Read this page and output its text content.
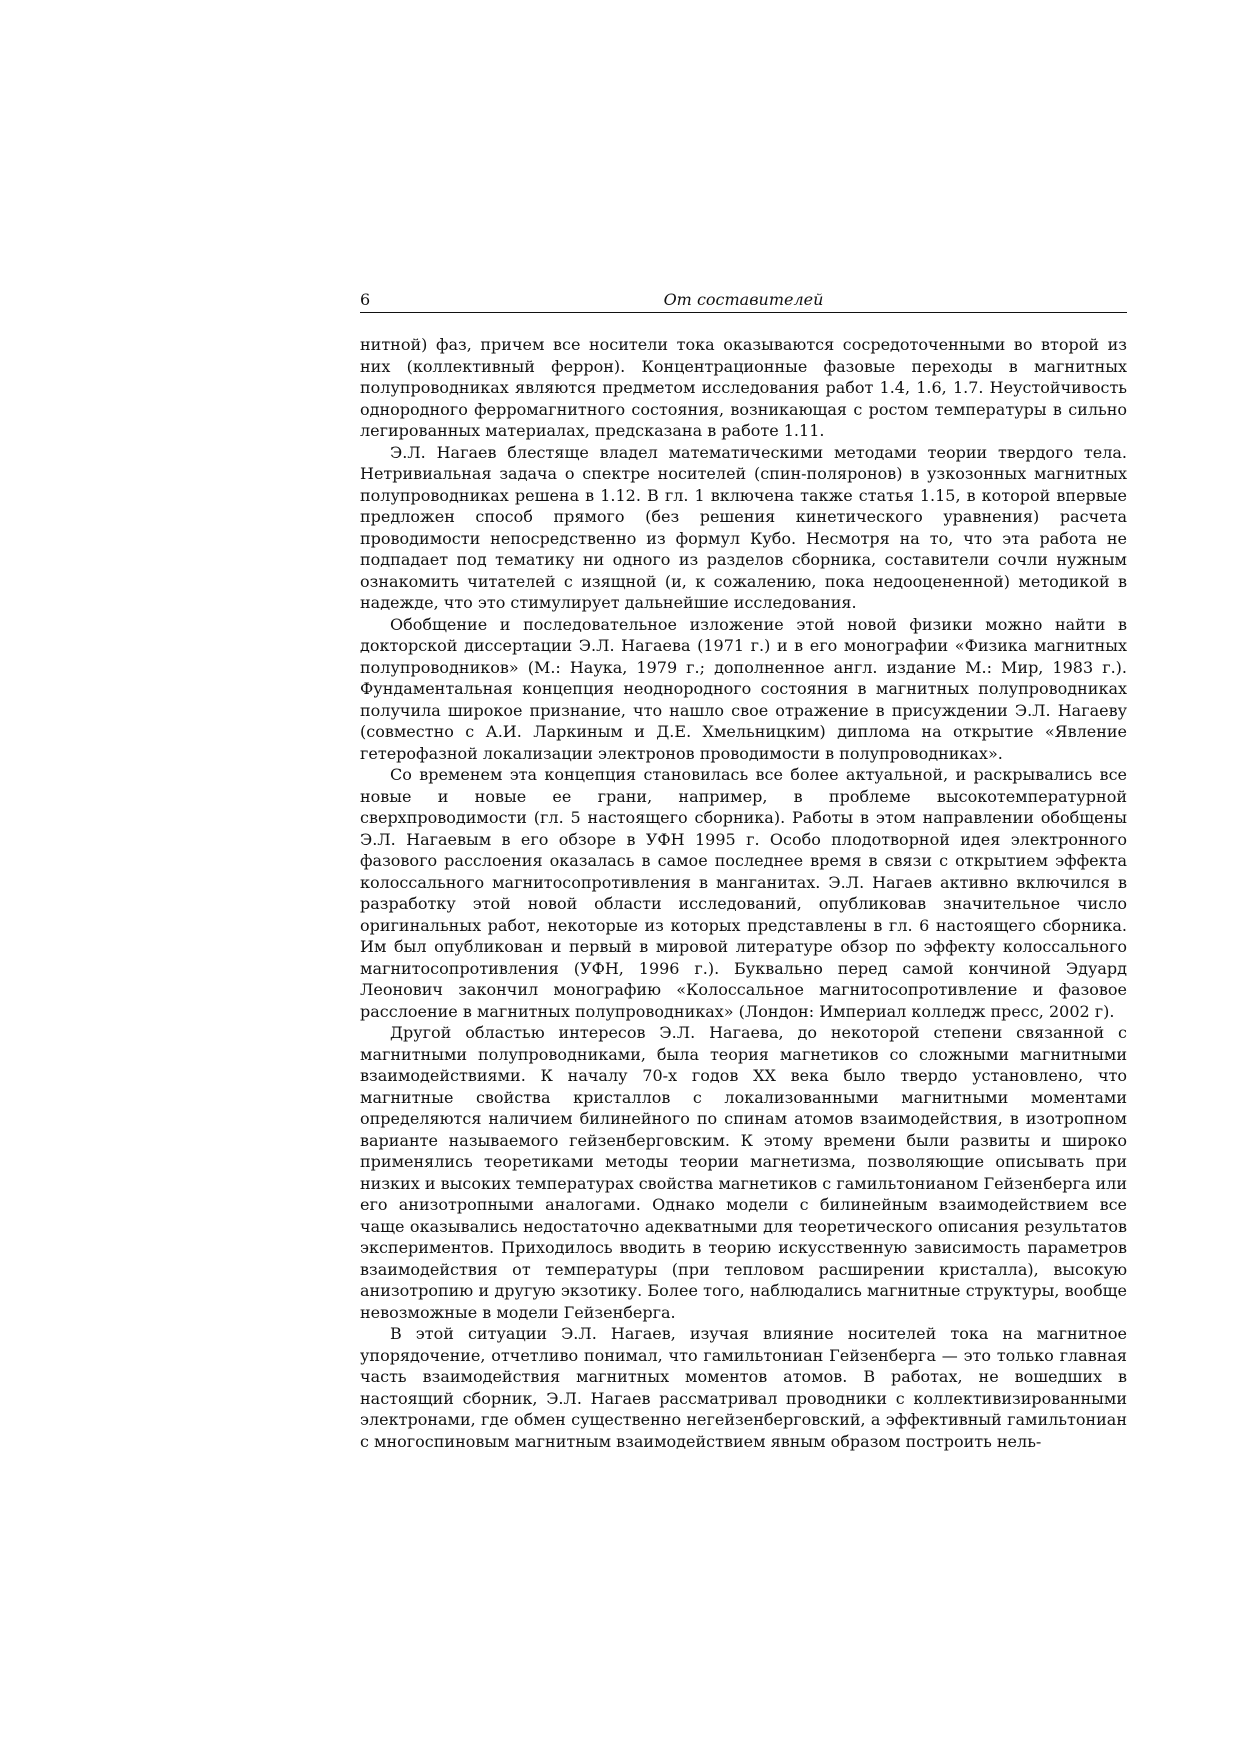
6	От составителей

нитной) фаз, причем все носители тока оказываются сосредоточенными во второй из них (коллективный феррон). Концентрационные фазовые переходы в магнитных полупроводниках являются предметом исследования работ 1.4, 1.6, 1.7. Неустойчивость однородного ферромагнитного состояния, возникающая с ростом температуры в сильно легированных материалах, предсказана в работе 1.11.

Э.Л. Нагаев блестяще владел математическими методами теории твердого тела. Нетривиальная задача о спектре носителей (спин-поляронов) в узкозонных магнитных полупроводниках решена в 1.12. В гл. 1 включена также статья 1.15, в которой впервые предложен способ прямого (без решения кинетического уравнения) расчета проводимости непосредственно из формул Кубо. Несмотря на то, что эта работа не подпадает под тематику ни одного из разделов сборника, составители сочли нужным ознакомить читателей с изящной (и, к сожалению, пока недооцененной) методикой в надежде, что это стимулирует дальнейшие исследования.

Обобщение и последовательное изложение этой новой физики можно найти в докторской диссертации Э.Л. Нагаева (1971 г.) и в его монографии «Физика магнитных полупроводников» (М.: Наука, 1979 г.; дополненное англ. издание М.: Мир, 1983 г.). Фундаментальная концепция неоднородного состояния в магнитных полупроводниках получила широкое признание, что нашло свое отражение в присуждении Э.Л. Нагаеву (совместно с А.И. Ларкиным и Д.Е. Хмельницким) диплома на открытие «Явление гетерофазной локализации электронов проводимости в полупроводниках».

Со временем эта концепция становилась все более актуальной, и раскрывались все новые и новые ее грани, например, в проблеме высокотемпературной сверхпроводимости (гл. 5 настоящего сборника). Работы в этом направлении обобщены Э.Л. Нагаевым в его обзоре в УФН 1995 г. Особо плодотворной идея электронного фазового расслоения оказалась в самое последнее время в связи с открытием эффекта колоссального магнитосопротивления в манганитах. Э.Л. Нагаев активно включился в разработку этой новой области исследований, опубликовав значительное число оригинальных работ, некоторые из которых представлены в гл. 6 настоящего сборника. Им был опубликован и первый в мировой литературе обзор по эффекту колоссального магнитосопротивления (УФН, 1996 г.). Буквально перед самой кончиной Эдуард Леонович закончил монографию «Колоссальное магнитосопротивление и фазовое расслоение в магнитных полупроводниках» (Лондон: Империал колледж пресс, 2002 г).

Другой областью интересов Э.Л. Нагаева, до некоторой степени связанной с магнитными полупроводниками, была теория магнетиков со сложными магнитными взаимодействиями. К началу 70-х годов XX века было твердо установлено, что магнитные свойства кристаллов с локализованными магнитными моментами определяются наличием билинейного по спинам атомов взаимодействия, в изотропном варианте называемого гейзенберговским. К этому времени были развиты и широко применялись теоретиками методы теории магнетизма, позволяющие описывать при низких и высоких температурах свойства магнетиков с гамильтонианом Гейзенберга или его анизотропными аналогами. Однако модели с билинейным взаимодействием все чаще оказывались недостаточно адекватными для теоретического описания результатов экспериментов. Приходилось вводить в теорию искусственную зависимость параметров взаимодействия от температуры (при тепловом расширении кристалла), высокую анизотропию и другую экзотику. Более того, наблюдались магнитные структуры, вообще невозможные в модели Гейзенберга.

В этой ситуации Э.Л. Нагаев, изучая влияние носителей тока на магнитное упорядочение, отчетливо понимал, что гамильтониан Гейзенберга — это только главная часть взаимодействия магнитных моментов атомов. В работах, не вошедших в настоящий сборник, Э.Л. Нагаев рассматривал проводники с коллективизированными электронами, где обмен существенно негейзенберговский, а эффективный гамильтониан с многоспиновым магнитным взаимодействием явным образом построить нель-
